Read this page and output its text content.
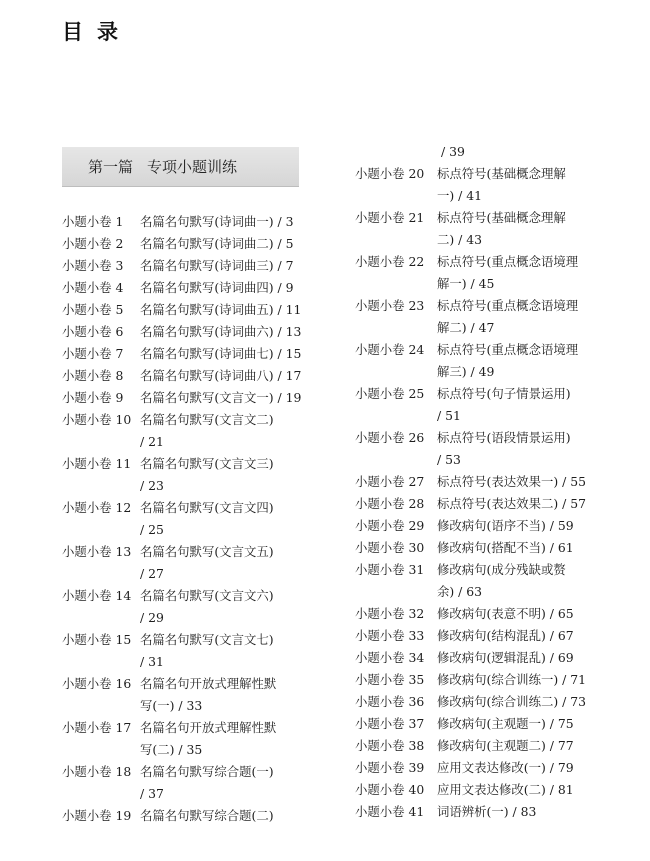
目录
第一篇 专项小题训练
小题小卷 1	名篇名句默写(诗词曲一) / 3
小题小卷 2	名篇名句默写(诗词曲二) / 5
小题小卷 3	名篇名句默写(诗词曲三) / 7
小题小卷 4	名篇名句默写(诗词曲四) / 9
小题小卷 5	名篇名句默写(诗词曲五) / 11
小题小卷 6	名篇名句默写(诗词曲六) / 13
小题小卷 7	名篇名句默写(诗词曲七) / 15
小题小卷 8	名篇名句默写(诗词曲八) / 17
小题小卷 9	名篇名句默写(文言文一) / 19
小题小卷 10 名篇名句默写(文言文二)
/ 21
小题小卷 11 名篇名句默写(文言文三)
/ 23
小题小卷 12 名篇名句默写(文言文四)
/ 25
小题小卷 13 名篇名句默写(文言文五)
/ 27
小题小卷 14 名篇名句默写(文言文六)
/ 29
小题小卷 15 名篇名句默写(文言文七)
/ 31
小题小卷 16 名篇名句开放式理解性默
写(一) / 33
小题小卷 17 名篇名句开放式理解性默
写(二) / 35
小题小卷 18 名篇名句默写综合题(一)
/ 37
小题小卷 19 名篇名句默写综合题(二)
/ 39
小题小卷 20	标点符号(基础概念理解
一) / 41
小题小卷 21	标点符号(基础概念理解
二) / 43
小题小卷 22	标点符号(重点概念语境理
解一) / 45
小题小卷 23	标点符号(重点概念语境理
解二) / 47
小题小卷 24	标点符号(重点概念语境理
解三) / 49
小题小卷 25	标点符号(句子情景运用)
/ 51
小题小卷 26	标点符号(语段情景运用)
/ 53
小题小卷 27	标点符号(表达效果一) / 55
小题小卷 28	标点符号(表达效果二) / 57
小题小卷 29	修改病句(语序不当) / 59
小题小卷 30	修改病句(搭配不当) / 61
小题小卷 31	修改病句(成分残缺或赘
余) / 63
小题小卷 32	修改病句(表意不明) / 65
小题小卷 33	修改病句(结构混乱) / 67
小题小卷 34	修改病句(逻辑混乱) / 69
小题小卷 35	修改病句(综合训练一) / 71
小题小卷 36	修改病句(综合训练二) / 73
小题小卷 37	修改病句(主观题一) / 75
小题小卷 38	修改病句(主观题二) / 77
小题小卷 39	应用文表达修改(一) / 79
小题小卷 40	应用文表达修改(二) / 81
小题小卷 41	词语辨析(一) / 83
